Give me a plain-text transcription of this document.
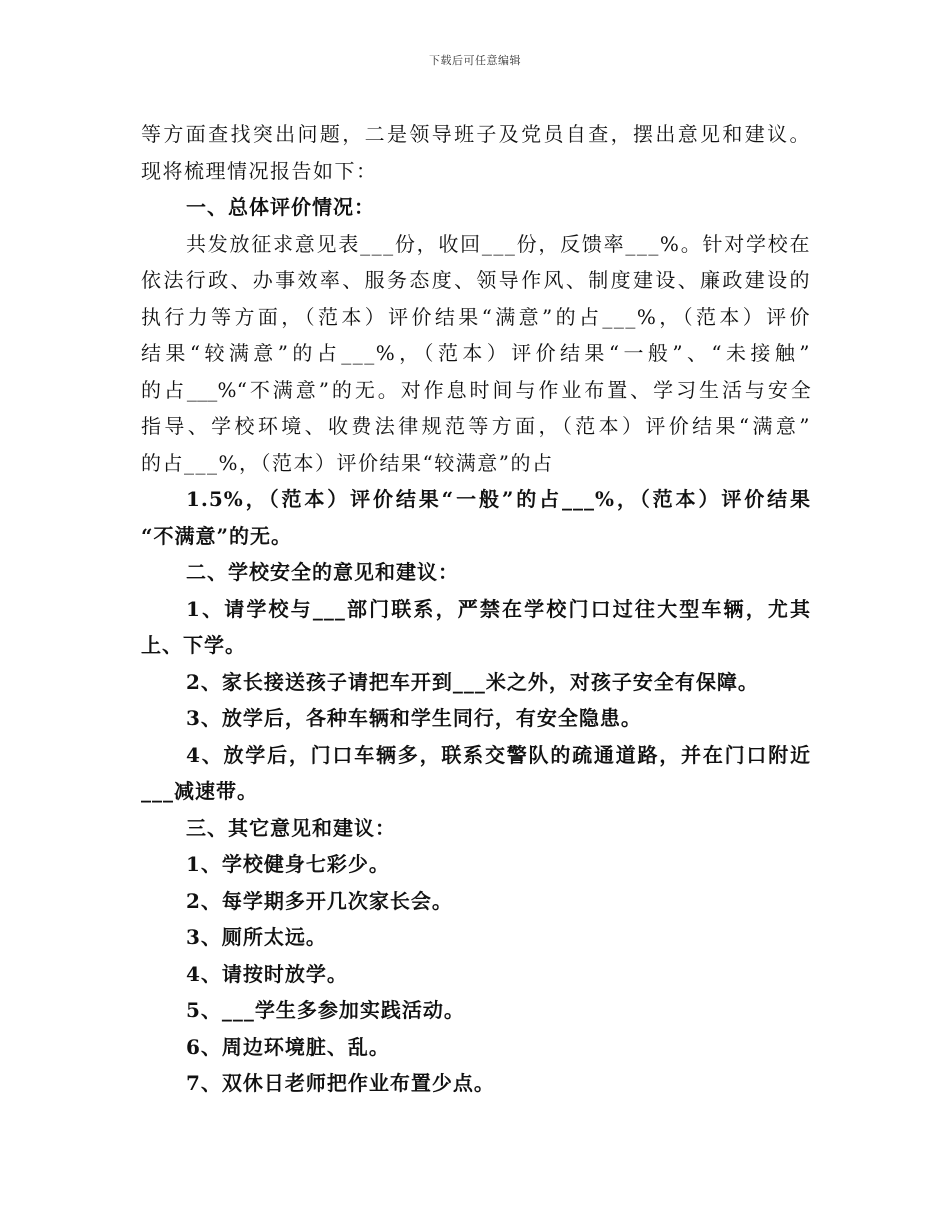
下载后可任意编辑
等方面查找突出问题，二是领导班子及党员自查，摆出意见和建议。
现将梳理情况报告如下：
一、总体评价情况：
共发放征求意见表___份，收回___份，反馈率___%。针对学校在
依法行政、办事效率、服务态度、领导作风、制度建设、廉政建设的
执行力等方面，（范本）评价结果“满意”的占___%，（范本）评价
结果“较满意”的占___%，（范本）评价结果“一般”、“未接触”
的占___%“不满意”的无。对作息时间与作业布置、学习生活与安全
指导、学校环境、收费法律规范等方面，（范本）评价结果“满意”
的占___%，（范本）评价结果“较满意”的占
1.5%，（范本）评价结果“一般”的占___%，（范本）评价结果
“不满意”的无。
二、学校安全的意见和建议：
1、请学校与___部门联系，严禁在学校门口过往大型车辆，尤其
上、下学。
2、家长接送孩子请把车开到___米之外，对孩子安全有保障。
3、放学后，各种车辆和学生同行，有安全隐患。
4、放学后，门口车辆多，联系交警队的疏通道路，并在门口附近
___减速带。
三、其它意见和建议：
1、学校健身七彩少。
2、每学期多开几次家长会。
3、厕所太远。
4、请按时放学。
5、___学生多参加实践活动。
6、周边环境脏、乱。
7、双休日老师把作业布置少点。
